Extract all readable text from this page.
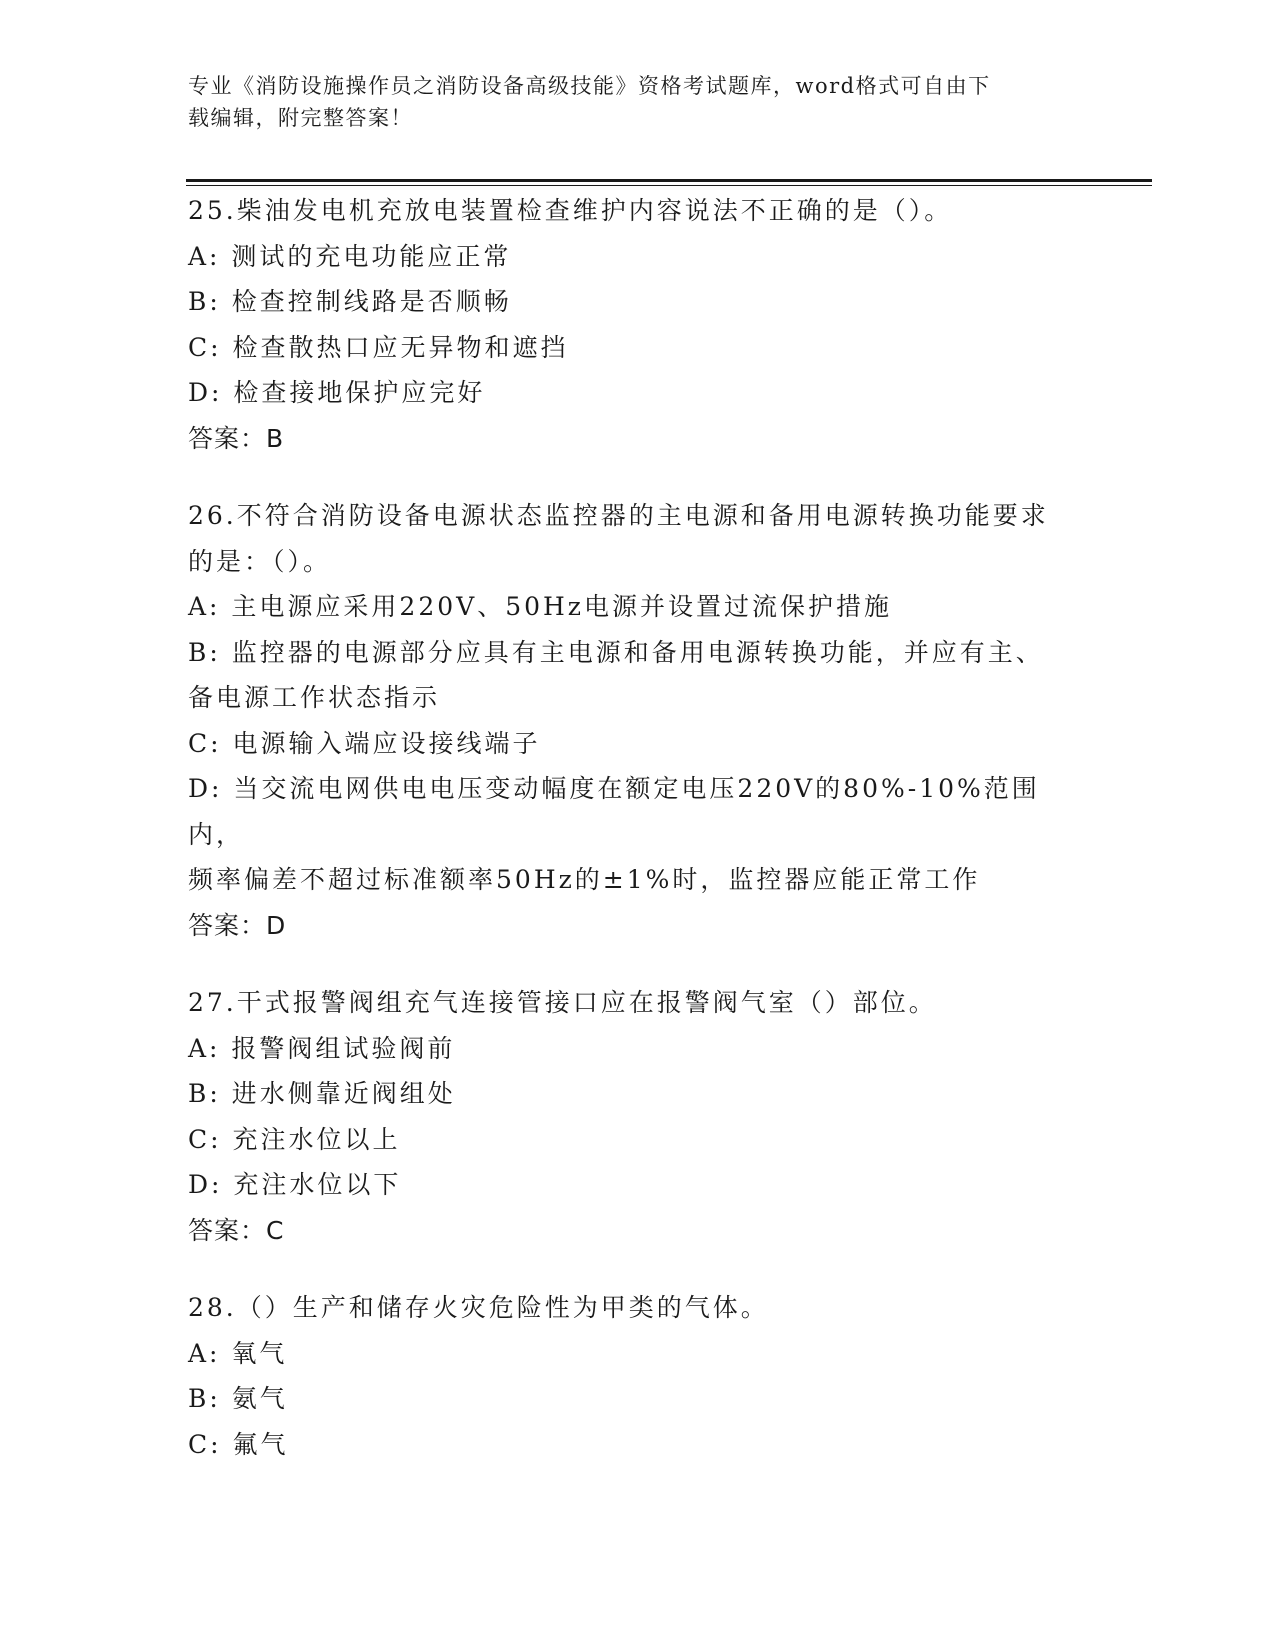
专业《消防设施操作员之消防设备高级技能》资格考试题库，word格式可自由下
载编辑，附完整答案！

25.柴油发电机充放电装置检查维护内容说法不正确的是（）。

A: 测试的充电功能应正常

B: 检查控制线路是否顺畅

C: 检查散热口应无异物和遮挡

D: 检查接地保护应完好

答案：B

26.不符合消防设备电源状态监控器的主电源和备用电源转换功能要求

的是：（）。

A: 主电源应采用220V、50Hz电源并设置过流保护措施

B: 监控器的电源部分应具有主电源和备用电源转换功能，并应有主、

备电源工作状态指示

C: 电源输入端应设接线端子

D: 当交流电网供电电压变动幅度在额定电压220V的80%-10%范围内，

频率偏差不超过标准额率50Hz的±1%时，监控器应能正常工作

答案：D

27.干式报警阀组充气连接管接口应在报警阀气室（）部位。

A: 报警阀组试验阀前

B: 进水侧靠近阀组处

C: 充注水位以上

D: 充注水位以下

答案：C

28.（）生产和储存火灾危险性为甲类的气体。

A: 氧气

B: 氨气

C: 氟气
